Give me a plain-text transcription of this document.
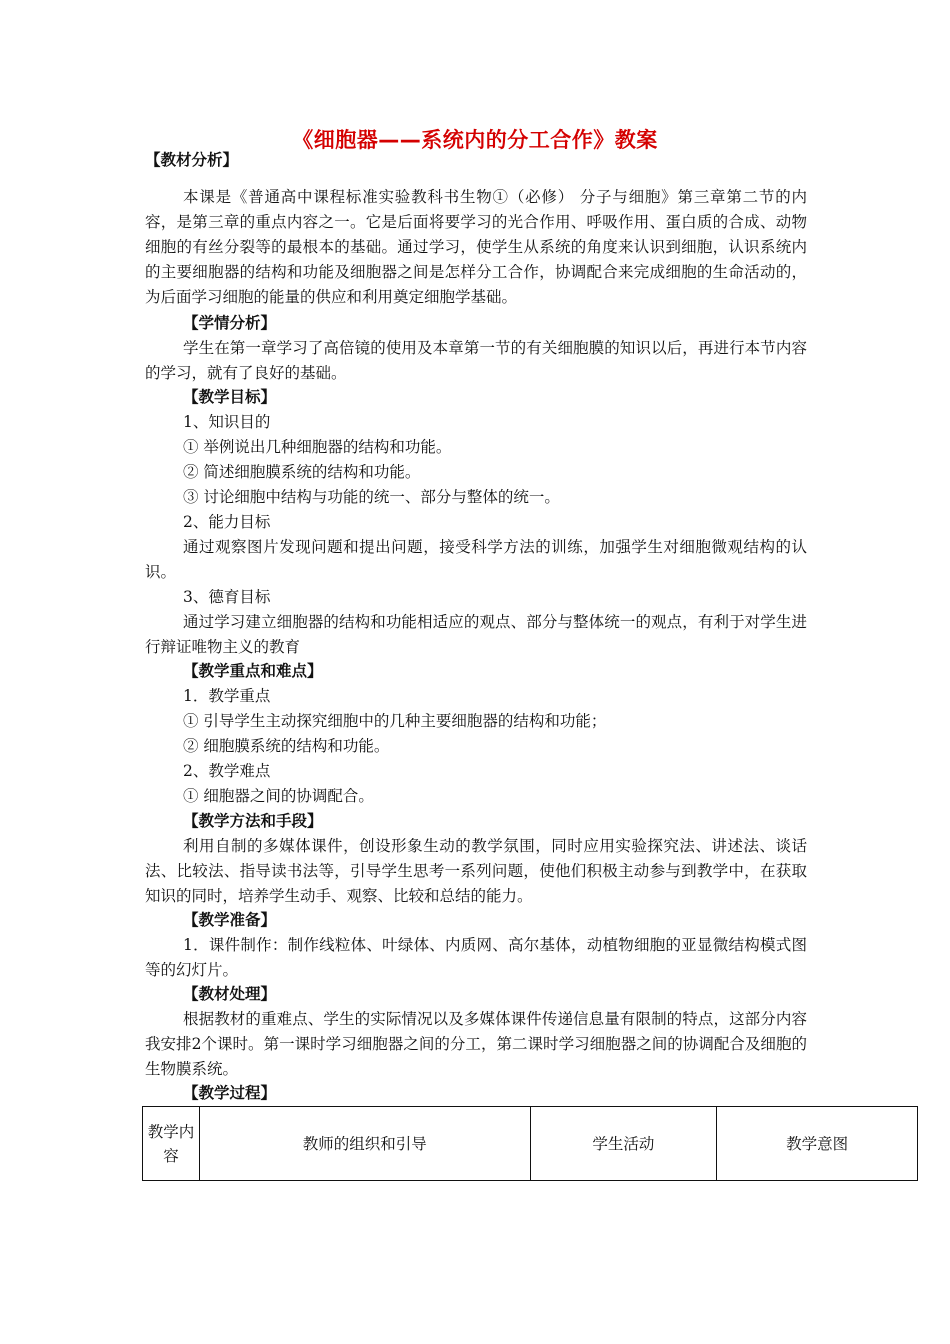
《细胞器——系统内的分工合作》教案
【教材分析】
本课是《普通高中课程标准实验教科书生物①（必修） 分子与细胞》第三章第二节的内容，是第三章的重点内容之一。它是后面将要学习的光合作用、呼吸作用、蛋白质的合成、动物细胞的有丝分裂等的最根本的基础。通过学习，使学生从系统的角度来认识到细胞，认识系统内的主要细胞器的结构和功能及细胞器之间是怎样分工合作，协调配合来完成细胞的生命活动的，为后面学习细胞的能量的供应和利用奠定细胞学基础。
【学情分析】
学生在第一章学习了高倍镜的使用及本章第一节的有关细胞膜的知识以后，再进行本节内容的学习，就有了良好的基础。
【教学目标】
1、知识目的
① 举例说出几种细胞器的结构和功能。
② 简述细胞膜系统的结构和功能。
③ 讨论细胞中结构与功能的统一、部分与整体的统一。
2、能力目标
通过观察图片发现问题和提出问题，接受科学方法的训练，加强学生对细胞微观结构的认识。
3、德育目标
通过学习建立细胞器的结构和功能相适应的观点、部分与整体统一的观点，有利于对学生进行辩证唯物主义的教育
【教学重点和难点】
1．教学重点
① 引导学生主动探究细胞中的几种主要细胞器的结构和功能；
② 细胞膜系统的结构和功能。
2、教学难点
① 细胞器之间的协调配合。
【教学方法和手段】
利用自制的多媒体课件，创设形象生动的教学氛围，同时应用实验探究法、讲述法、谈话法、比较法、指导读书法等，引导学生思考一系列问题，使他们积极主动参与到教学中，在获取知识的同时，培养学生动手、观察、比较和总结的能力。
【教学准备】
1．课件制作：制作线粒体、叶绿体、内质网、高尔基体，动植物细胞的亚显微结构模式图等的幻灯片。
【教材处理】
根据教材的重难点、学生的实际情况以及多媒体课件传递信息量有限制的特点，这部分内容我安排2个课时。第一课时学习细胞器之间的分工，第二课时学习细胞器之间的协调配合及细胞的生物膜系统。
【教学过程】
教学内容	教师的组织和引导	学生活动	教学意图
